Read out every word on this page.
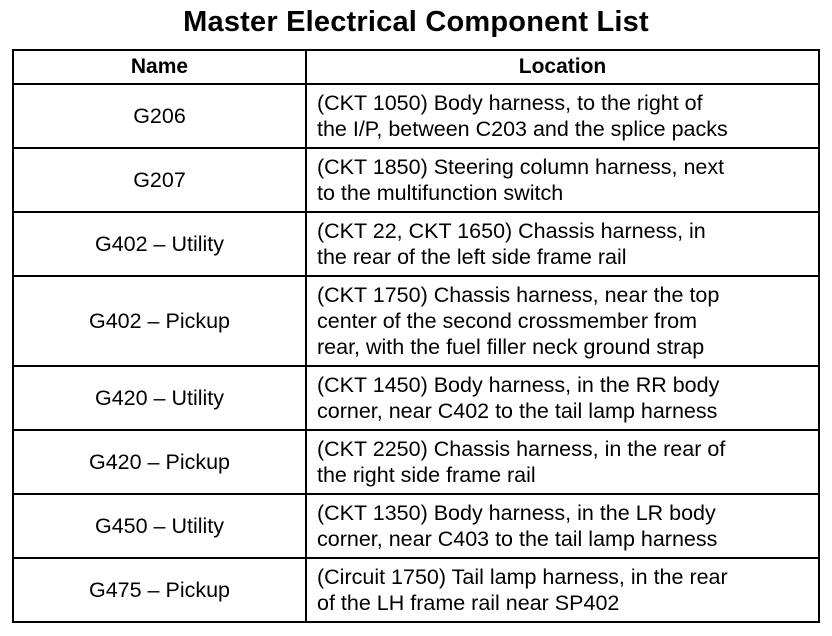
Master Electrical Component List
Name	Location
G206	(CKT 1050) Body harness, to the right of
the I/P, between C203 and the splice packs

G207	(CKT 1850) Steering column harness, next
to the multifunction switch

G402 – Utility	(CKT 22, CKT 1650) Chassis harness, in
the rear of the left side frame rail

G402 – Pickup	(CKT 1750) Chassis harness, near the top
center of the second crossmember from
rear, with the fuel filler neck ground strap

G420 – Utility	(CKT 1450) Body harness, in the RR body
corner, near C402 to the tail lamp harness

G420 – Pickup	(CKT 2250) Chassis harness, in the rear of
the right side frame rail

G450 – Utility	(CKT 1350) Body harness, in the LR body
corner, near C403 to the tail lamp harness

G475 – Pickup	(Circuit 1750) Tail lamp harness, in the rear
of the LH frame rail near SP402
